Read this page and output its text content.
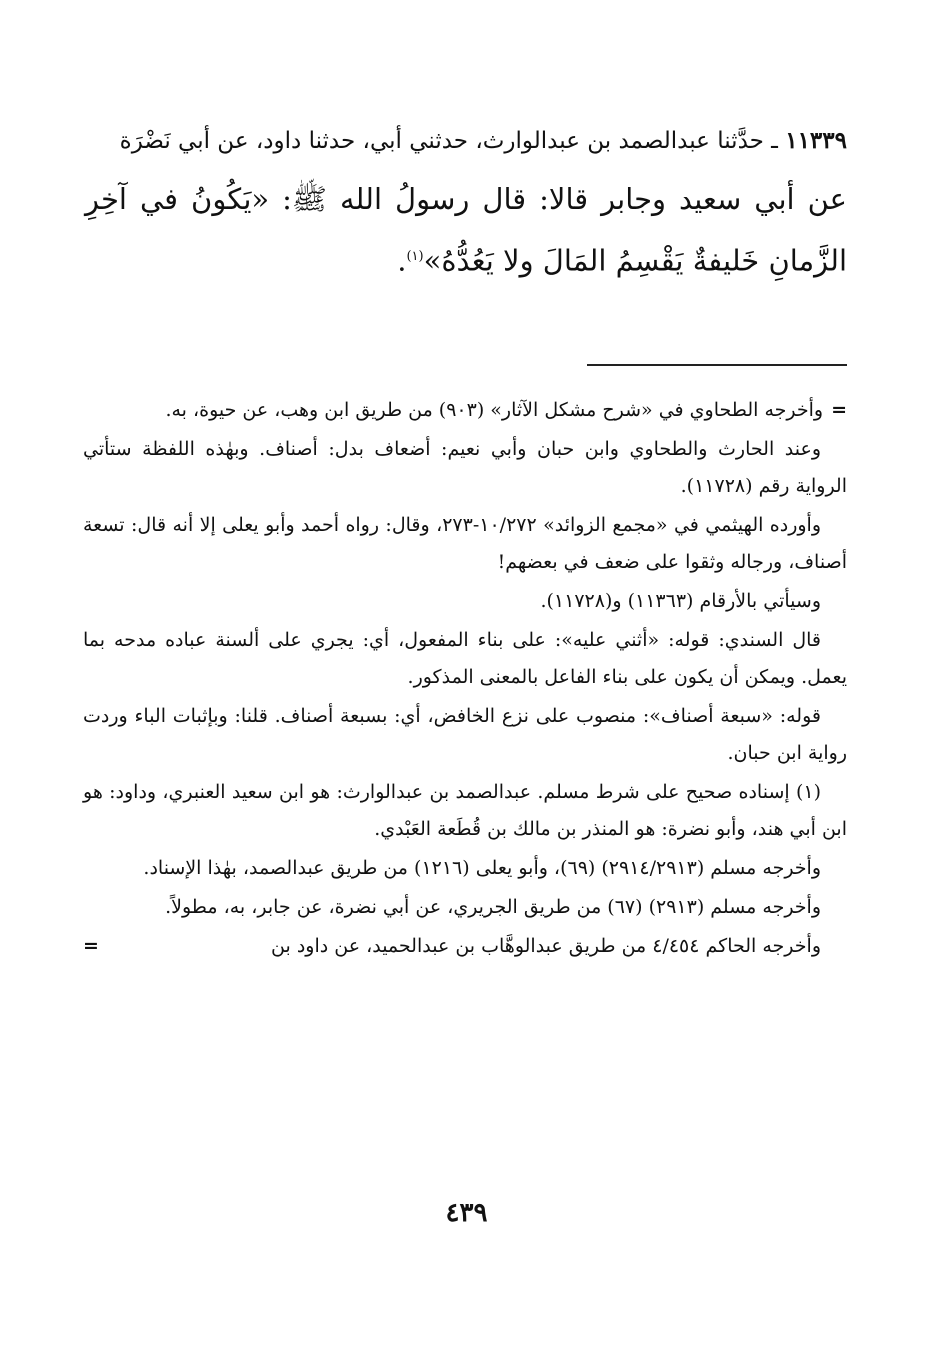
١١٣٣٩ ـ حدَّثنا عبدالصمد بن عبدالوارث، حدثني أبي، حدثنا داود، عن أبي نَضْرَة

عن أبي سعيد وجابر قالا: قال رسولُ الله ﷺ: «يَكُونُ في آخِرِ الزَّمانِ خَليفةٌ يَقْسِمُ المَالَ ولا يَعُدُّهُ»$^{(١)}$.

=وأخرجه الطحاوي في «شرح مشكل الآثار» (٩٠٣) من طريق ابن وهب، عن حيوة، به.

وعند الحارث والطحاوي وابن حبان وأبي نعيم: أضعاف بدل: أصناف. وبهٰذه اللفظة ستأتي الرواية رقم (١١٧٢٨).

وأورده الهيثمي في «مجمع الزوائد» ١٠/٢٧٢-٢٧٣، وقال: رواه أحمد وأبو يعلى إلا أنه قال: تسعة أصناف، ورجاله وثقوا على ضعف في بعضهم!

وسيأتي بالأرقام (١١٣٦٣) و(١١٧٢٨).

قال السندي: قوله: «أثني عليه»: على بناء المفعول، أي: يجري على ألسنة عباده مدحه بما يعمل. ويمكن أن يكون على بناء الفاعل بالمعنى المذكور.

قوله: «سبعة أصناف»: منصوب على نزع الخافض، أي: بسبعة أصناف. قلنا: وبإثبات الباء وردت رواية ابن حبان.

(١) إسناده صحيح على شرط مسلم. عبدالصمد بن عبدالوارث: هو ابن سعيد العنبري، وداود: هو ابن أبي هند، وأبو نضرة: هو المنذر بن مالك بن قُطَعة العَبْدي.

وأخرجه مسلم (٢٩١٤/٢٩١٣) (٦٩)، وأبو يعلى (١٢١٦) من طريق عبدالصمد، بهٰذا الإسناد.

وأخرجه مسلم (٢٩١٣) (٦٧) من طريق الجريري، عن أبي نضرة، عن جابر، به، مطولاً.

وأخرجه الحاكم ٤/٤٥٤ من طريق عبدالوهَّاب بن عبدالحميد، عن داود بن
=

٤٣٩
